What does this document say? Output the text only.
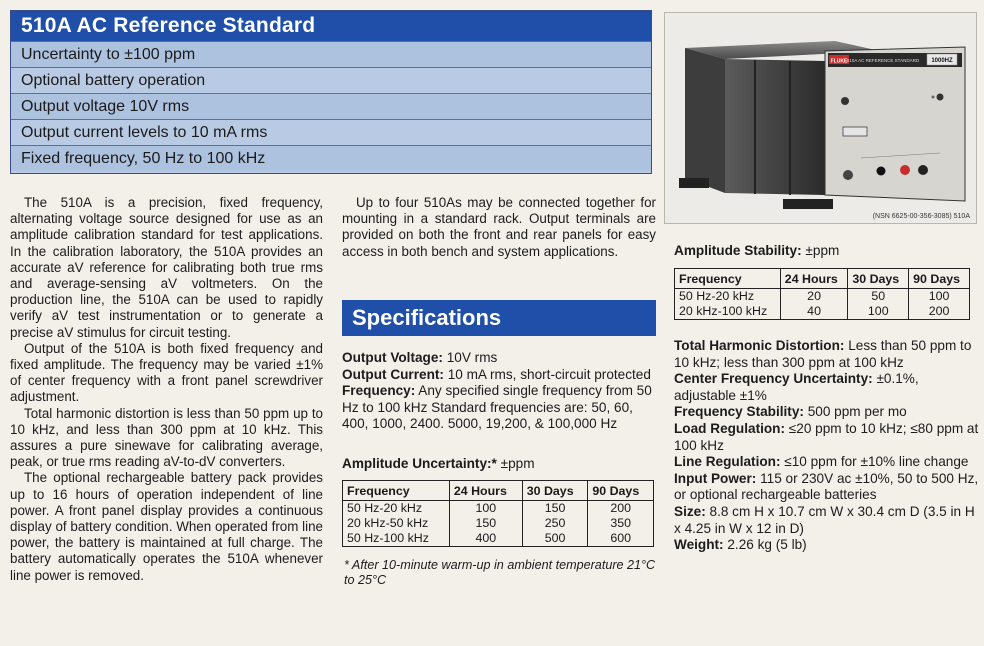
510A AC Reference Standard
Uncertainty to ±100 ppm
Optional battery operation
Output voltage 10V rms
Output current levels to 10 mA rms
Fixed frequency, 50 Hz to 100 kHz
FLUKE 510A AC REFERENCE STANDARD 1000HZ
(NSN 6625-00-356-3085) 510A

The 510A is a precision, fixed frequency, alternating voltage source designed for use as an amplitude calibration standard for test applications. In the calibration laboratory, the 510A provides an accurate aV reference for calibrating both true rms and average-sensing aV voltmeters. On the production line, the 510A can be used to rapidly verify aV test instrumentation or to generate a precise aV stimulus for circuit testing.

Output of the 510A is both fixed frequency and fixed amplitude. The frequency may be varied ±1% of center frequency with a front panel screwdriver adjustment.

Total harmonic distortion is less than 50 ppm up to 10 kHz, and less than 300 ppm at 10 kHz. This assures a pure sinewave for calibrating average, peak, or true rms reading aV-to-dV converters.

The optional rechargeable battery pack provides up to 16 hours of operation independent of line power. A front panel display provides a continuous display of battery condition. When operated from line power, the battery is maintained at full charge. The battery automatically operates the 510A whenever line power is removed.

Up to four 510As may be connected together for mounting in a standard rack. Output terminals are provided on both the front and rear panels for easy access in both bench and system applications.

Specifications
Output Voltage: 10V rms
Output Current: 10 mA rms, short-circuit protected
Frequency: Any specified single frequency from 50 Hz to 100 kHz Standard frequencies are: 50, 60, 400, 1000, 2400. 5000, 19,200, & 100,000 Hz
Amplitude Uncertainty:* ±ppm
Frequency	24 Hours	30 Days	90 Days
50 Hz-20 kHz	100	150	200
20 kHz-50 kHz	150	250	350
50 Hz-100 kHz	400	500	600
* After 10-minute warm-up in ambient temperature 21°C to 25°C
Amplitude Stability: ±ppm
Frequency	24 Hours	30 Days	90 Days
50 Hz-20 kHz	20	50	100
20 kHz-100 kHz	40	100	200
Total Harmonic Distortion: Less than 50 ppm to 10 kHz; less than 300 ppm at 100 kHz
Center Frequency Uncertainty: ±0.1%, adjustable ±1%
Frequency Stability: 500 ppm per mo
Load Regulation: ≤20 ppm to 10 kHz; ≤80 ppm at 100 kHz
Line Regulation: ≤10 ppm for ±10% line change
Input Power: 115 or 230V ac ±10%, 50 to 500 Hz, or optional rechargeable batteries
Size: 8.8 cm H x 10.7 cm W x 30.4 cm D (3.5 in H x 4.25 in W x 12 in D)
Weight: 2.26 kg (5 lb)
